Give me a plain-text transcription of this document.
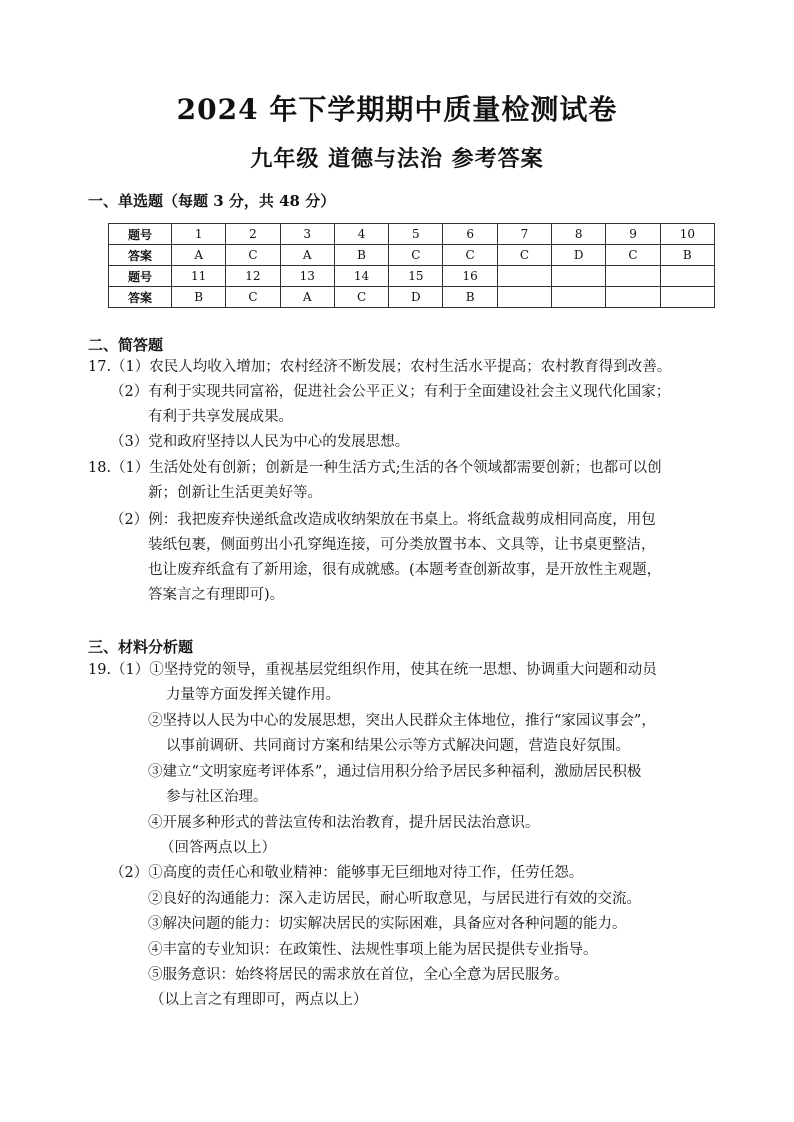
2024 年下学期期中质量检测试卷
九年级 道德与法治 参考答案
一、单选题（每题 3 分，共 48 分）
题号	1	2	3	4	5	6	7	8	9	10
答案	A	C	A	B	C	C	C	D	C	B
题号	11	12	13	14	15	16				
答案	B	C	A	C	D	B				
二、简答题
17.（1）农民人均收入增加；农村经济不断发展；农村生活水平提高；农村教育得到改善。
（2）有利于实现共同富裕，促进社会公平正义；有利于全面建设社会主义现代化国家；
有利于共享发展成果。
（3）党和政府坚持以人民为中心的发展思想。
18.（1）生活处处有创新；创新是一种生活方式;生活的各个领域都需要创新；也都可以创
新；创新让生活更美好等。
（2）例：我把废弃快递纸盒改造成收纳架放在书桌上。将纸盒裁剪成相同高度，用包
装纸包裹，侧面剪出小孔穿绳连接，可分类放置书本、文具等，让书桌更整洁，
也让废弃纸盒有了新用途，很有成就感。(本题考查创新故事，是开放性主观题，
答案言之有理即可)。
三、材料分析题
19.（1）①坚持党的领导，重视基层党组织作用，使其在统一思想、协调重大问题和动员
力量等方面发挥关键作用。
②坚持以人民为中心的发展思想，突出人民群众主体地位，推行“家园议事会”，
以事前调研、共同商讨方案和结果公示等方式解决问题，营造良好氛围。
③建立“文明家庭考评体系”，通过信用积分给予居民多种福利，激励居民积极
参与社区治理。
④开展多种形式的普法宣传和法治教育，提升居民法治意识。
（回答两点以上）
（2）①高度的责任心和敬业精神：能够事无巨细地对待工作，任劳任怨。
②良好的沟通能力：深入走访居民，耐心听取意见，与居民进行有效的交流。
③解决问题的能力：切实解决居民的实际困难，具备应对各种问题的能力。
④丰富的专业知识：在政策性、法规性事项上能为居民提供专业指导。
⑤服务意识：始终将居民的需求放在首位，全心全意为居民服务。
（以上言之有理即可，两点以上）
